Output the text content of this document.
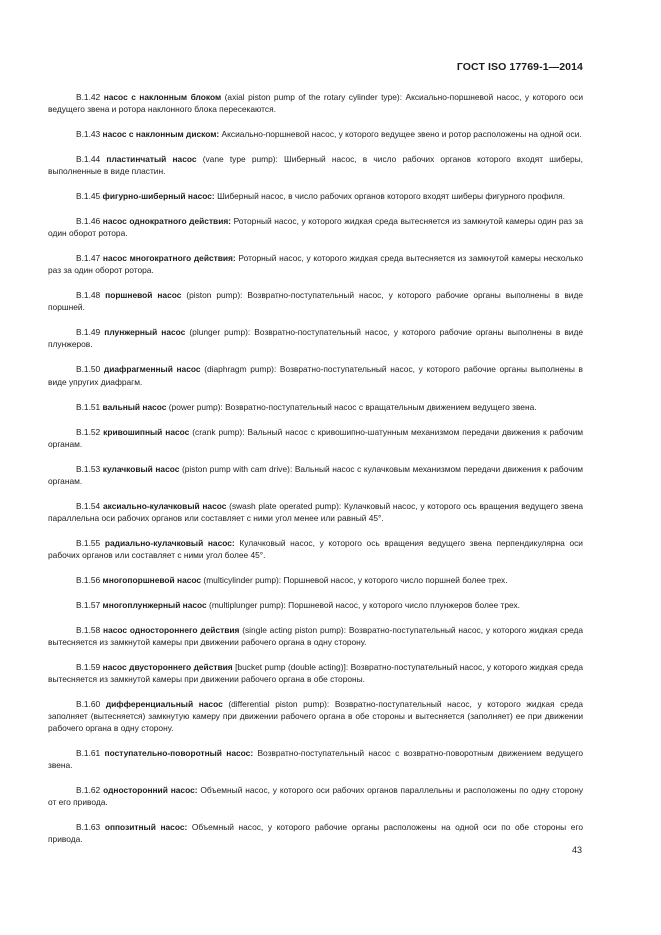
ГОСТ ISO 17769-1—2014

В.1.42 насос с наклонным блоком (axial piston pump of the rotary cylinder type): Аксиально-поршневой насос, у которого оси ведущего звена и ротора наклонного блока пересекаются.

В.1.43 насос с наклонным диском: Аксиально-поршневой насос, у которого ведущее звено и ротор расположены на одной оси.

В.1.44 пластинчатый насос (vane type pump): Шиберный насос, в число рабочих органов которого входят шиберы, выполненные в виде пластин.

В.1.45 фигурно-шиберный насос: Шиберный насос, в число рабочих органов которого входят шиберы фигурного профиля.

В.1.46 насос однократного действия: Роторный насос, у которого жидкая среда вытесняется из замкнутой камеры один раз за один оборот ротора.

В.1.47 насос многократного действия: Роторный насос, у которого жидкая среда вытесняется из замкнутой камеры несколько раз за один оборот ротора.

В.1.48 поршневой насос (piston pump): Возвратно-поступательный насос, у которого рабочие органы выполнены в виде поршней.

В.1.49 плунжерный насос (plunger pump): Возвратно-поступательный насос, у которого рабочие органы выполнены в виде плунжеров.

В.1.50 диафрагменный насос (diaphragm pump): Возвратно-поступательный насос, у которого рабочие органы выполнены в виде упругих диафрагм.

В.1.51 вальный насос (power pump): Возвратно-поступательный насос с вращательным движением ведущего звена.

В.1.52 кривошипный насос (crank pump): Вальный насос с кривошипно-шатунным механизмом передачи движения к рабочим органам.

В.1.53 кулачковый насос (piston pump with cam drive): Вальный насос с кулачковым механизмом передачи движения к рабочим органам.

В.1.54 аксиально-кулачковый насос (swash plate operated pump): Кулачковый насос, у которого ось вращения ведущего звена параллельна оси рабочих органов или составляет с ними угол менее или равный 45°.

В.1.55 радиально-кулачковый насос: Кулачковый насос, у которого ось вращения ведущего звена перпендикулярна оси рабочих органов или составляет с ними угол более 45°.

В.1.56 многопоршневой насос (multicylinder pump): Поршневой насос, у которого число поршней более трех.

В.1.57 многоплунжерный насос (multiplunger pump): Поршневой насос, у которого число плунжеров более трех.

В.1.58 насос одностороннего действия (single acting piston pump): Возвратно-поступательный насос, у которого жидкая среда вытесняется из замкнутой камеры при движении рабочего органа в одну сторону.

В.1.59 насос двустороннего действия [bucket pump (double acting)]: Возвратно-поступательный насос, у которого жидкая среда вытесняется из замкнутой камеры при движении рабочего органа в обе стороны.

В.1.60 дифференциальный насос (differential piston pump): Возвратно-поступательный насос, у которого жидкая среда заполняет (вытесняется) замкнутую камеру при движении рабочего органа в обе стороны и вытесняется (заполняет) ее при движении рабочего органа в одну сторону.

В.1.61 поступательно-поворотный насос: Возвратно-поступательный насос с возвратно-поворотным движением ведущего звена.

В.1.62 односторонний насос: Объемный насос, у которого оси рабочих органов параллельны и расположены по одну сторону от его привода.

В.1.63 оппозитный насос: Объемный насос, у которого рабочие органы расположены на одной оси по обе стороны его привода.

43
